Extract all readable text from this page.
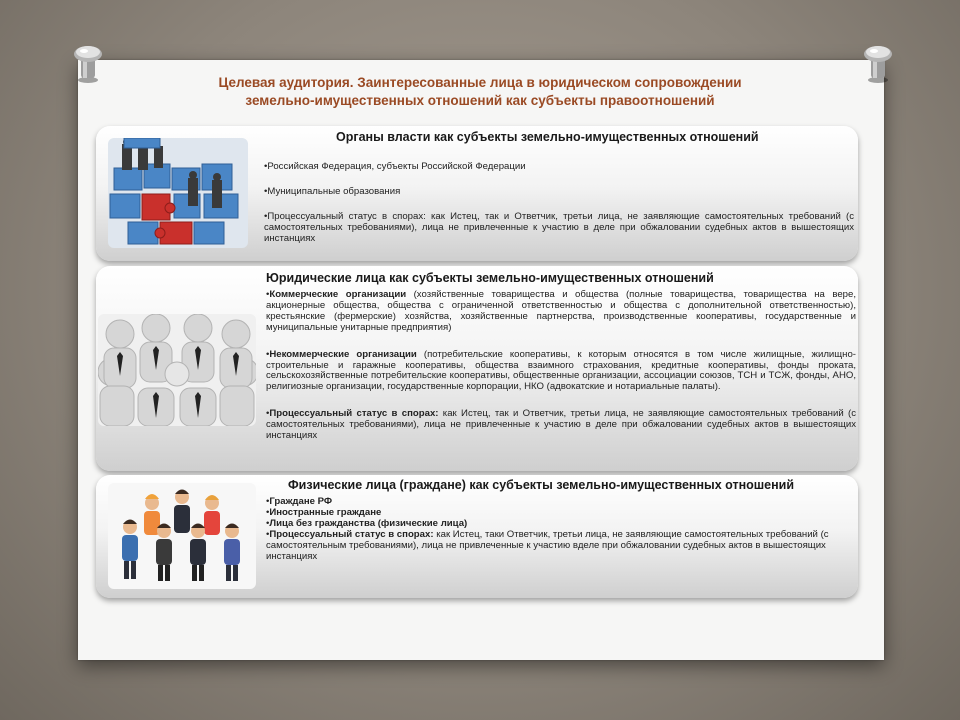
Целевая аудитория. Заинтересованные лица в юридическом сопровождении
земельно-имущественных отношений как субъекты правоотношений
Органы власти как субъекты земельно-имущественных отношений

•Российская Федерация, субъекты Российской Федерации

•Муниципальные образования

•Процессуальный статус в спорах: как Истец, так и Ответчик, третьи лица, не заявляющие самостоятельных требований (с самостоятельных требованиями), лица не привлеченные к участию в деле при обжаловании судебных актов в вышестоящих инстанциях

Юридические лица как субъекты земельно-имущественных отношений

•Коммерческие организации (хозяйственные товарищества и общества (полные товарищества, товарищества на вере, акционерные общества, общества с ограниченной ответственностью и общества с дополнительной ответственностью), крестьянские (фермерские) хозяйства, хозяйственные партнерства, производственные кооперативы, государственные и муниципальные унитарные предприятия)

•Некоммерческие организации (потребительские кооперативы, к которым относятся в том числе жилищные, жилищно-строительные и гаражные кооперативы, общества взаимного страхования, кредитные кооперативы, фонды проката, сельскохозяйственные потребительские кооперативы, общественные организации, ассоциации союзов, ТСН и ТСЖ, фонды, АНО, религиозные организации, государственные корпорации, НКО (адвокатские и нотариальные палаты).

•Процессуальный статус в спорах: как Истец, так и Ответчик, третьи лица, не заявляющие самостоятельных требований (с самостоятельных требованиями), лица не привлеченные к участию в деле при обжаловании судебных актов в вышестоящих инстанциях

Физические лица (граждане) как субъекты земельно-имущественных отношений

•Граждане РФ

•Иностранные граждане

•Лица без гражданства (физические лица)

•Процессуальный статус в спорах: как Истец, таки Ответчик, третьи лица, не заявляющие самостоятельных требований (с самостоятельным требованиями), лица не привлеченные к участию вделе при обжаловании судебных актов в вышестоящих инстанциях
